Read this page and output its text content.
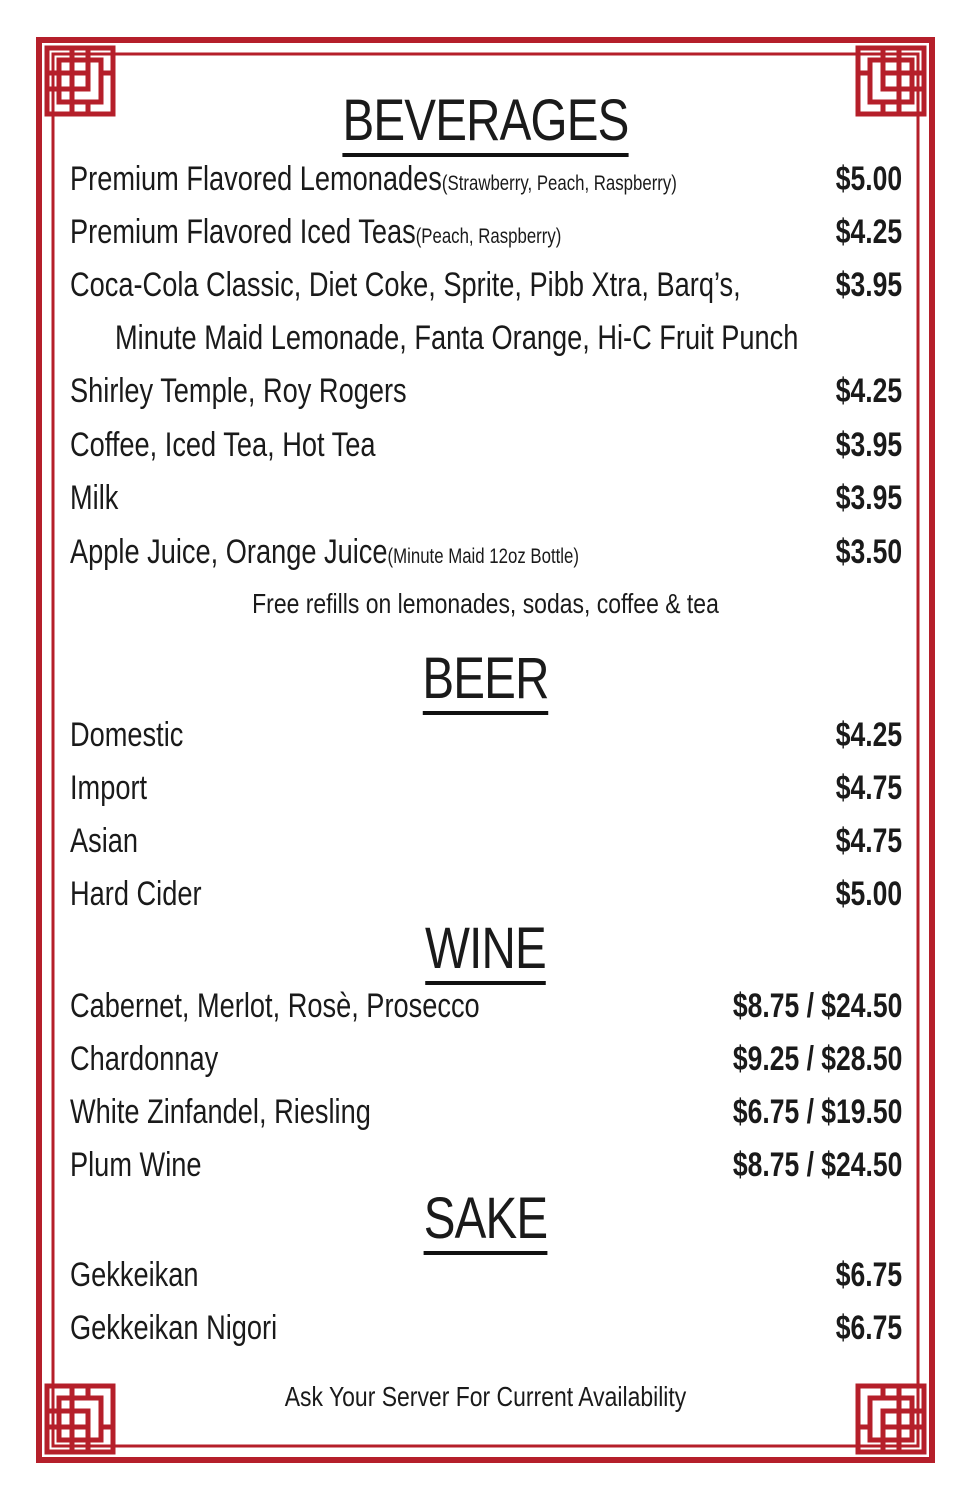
BEVERAGES
Premium Flavored Lemonades(Strawberry, Peach, Raspberry)	$5.00
Premium Flavored Iced Teas(Peach, Raspberry)	$4.25
Coca-Cola Classic, Diet Coke, Sprite, Pibb Xtra, Barq’s,	$3.95
Minute Maid Lemonade, Fanta Orange, Hi-C Fruit Punch
Shirley Temple, Roy Rogers	$4.25
Coffee, Iced Tea, Hot Tea	$3.95
Milk	$3.95
Apple Juice, Orange Juice(Minute Maid 12oz Bottle)	$3.50
Free refills on lemonades, sodas, coffee & tea
BEER
Domestic	$4.25
Import	$4.75
Asian	$4.75
Hard Cider	$5.00
WINE
Cabernet, Merlot, Rosè, Prosecco	$8.75 / $24.50
Chardonnay	$9.25 / $28.50
White Zinfandel, Riesling	$6.75 / $19.50
Plum Wine	$8.75 / $24.50
SAKE
Gekkeikan	$6.75
Gekkeikan Nigori	$6.75
Ask Your Server For Current Availability
